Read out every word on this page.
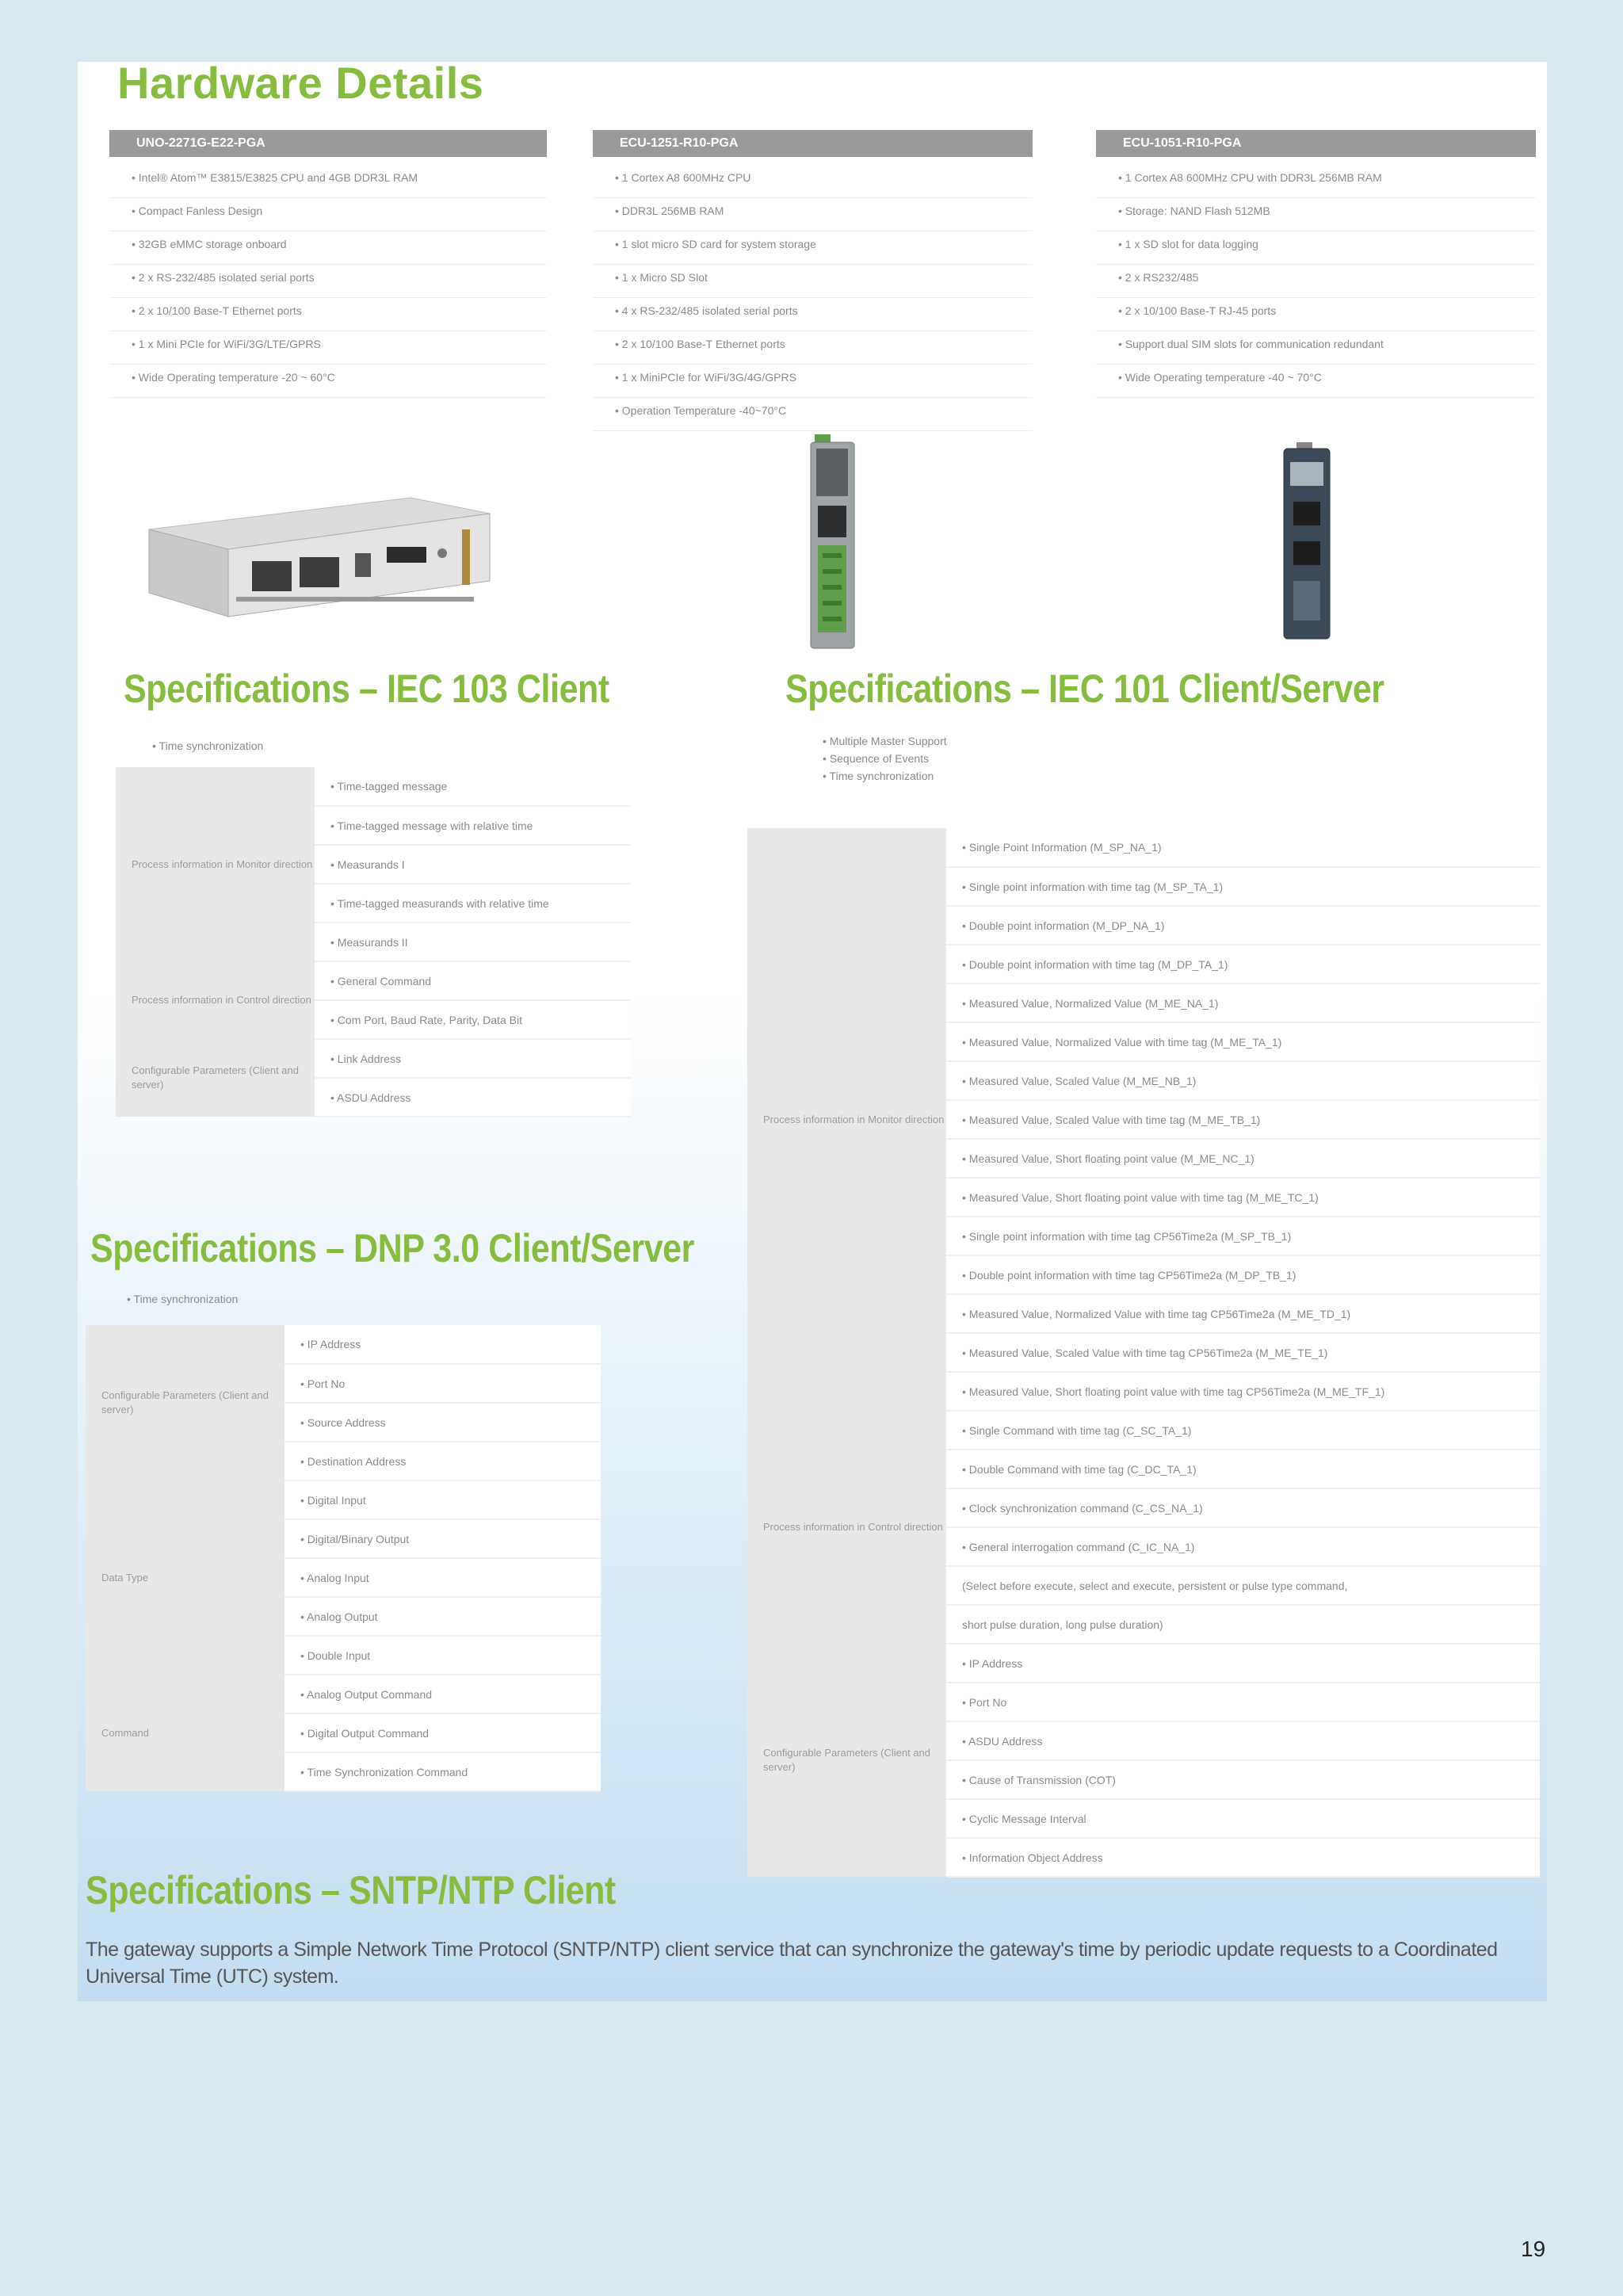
Hardware Details
UNO-2271G-E22-PGA
• Intel® Atom™ E3815/E3825 CPU and 4GB DDR3L RAM
• Compact Fanless Design
• 32GB eMMC storage onboard
• 2 x RS-232/485 isolated serial ports
• 2 x 10/100 Base-T Ethernet ports
• 1 x Mini PCIe for WiFi/3G/LTE/GPRS
• Wide Operating temperature -20 ~ 60°C
ECU-1251-R10-PGA
• 1 Cortex A8 600MHz CPU
• DDR3L 256MB RAM
• 1 slot micro SD card for system storage
• 1 x Micro SD Slot
• 4 x RS-232/485 isolated serial ports
• 2 x 10/100 Base-T Ethernet ports
• 1 x MiniPCIe for WiFi/3G/4G/GPRS
• Operation Temperature -40~70°C
ECU-1051-R10-PGA
• 1 Cortex A8 600MHz CPU with DDR3L 256MB RAM
• Storage: NAND Flash 512MB
• 1 x SD slot for data logging
• 2 x RS232/485
• 2 x 10/100 Base-T RJ-45 ports
• Support dual SIM slots for communication redundant
• Wide Operating temperature -40 ~ 70°C
Specifications – IEC 103 Client
• Time synchronization
Process information in Monitor direction	• Time-tagged message
	• Time-tagged message with relative time
	• Measurands I
	• Time-tagged measurands with relative time
	• Measurands II
Process information in Control direction	• General Command
	• Com Port, Baud Rate, Parity, Data Bit
Configurable Parameters (Client and server)	• Link Address
	• ASDU Address
Specifications – IEC 101 Client/Server
• Multiple Master Support
• Sequence of Events
• Time synchronization
Process information in Monitor direction	• Single Point Information (M_SP_NA_1)
	• Single point information with time tag (M_SP_TA_1)
	• Double point information (M_DP_NA_1)
	• Double point information with time tag (M_DP_TA_1)
	• Measured Value, Normalized Value (M_ME_NA_1)
	• Measured Value, Normalized Value with time tag (M_ME_TA_1)
	• Measured Value, Scaled Value (M_ME_NB_1)
	• Measured Value, Scaled Value with time tag (M_ME_TB_1)
	• Measured Value, Short floating point value (M_ME_NC_1)
	• Measured Value, Short floating point value with time tag (M_ME_TC_1)
	• Single point information with time tag CP56Time2a (M_SP_TB_1)
	• Double point information with time tag CP56Time2a (M_DP_TB_1)
	• Measured Value, Normalized Value with time tag CP56Time2a (M_ME_TD_1)
	• Measured Value, Scaled Value with time tag CP56Time2a (M_ME_TE_1)
	• Measured Value, Short floating point value with time tag CP56Time2a (M_ME_TF_1)
Process information in Control direction	• Single Command with time tag (C_SC_TA_1)
	• Double Command with time tag (C_DC_TA_1)
	• Clock synchronization command (C_CS_NA_1)
	• General interrogation command (C_IC_NA_1)
	(Select before execute, select and execute, persistent or pulse type command,
	short pulse duration, long pulse duration)
Configurable Parameters (Client and server)	• IP Address
	• Port No
	• ASDU Address
	• Cause of Transmission (COT)
	• Cyclic Message Interval
	• Information Object Address
Specifications – DNP 3.0 Client/Server
• Time synchronization
Configurable Parameters (Client and server)	• IP Address
	• Port No
	• Source Address
	• Destination Address
Data Type	• Digital Input
	• Digital/Binary Output
	• Analog Input
	• Analog Output
	• Double Input
Command	• Analog Output Command
	• Digital Output Command
	• Time Synchronization Command
Specifications – SNTP/NTP Client
The gateway supports a Simple Network Time Protocol (SNTP/NTP) client service that can synchronize the gateway's time by periodic update requests to a Coordinated Universal Time (UTC) system.
19
